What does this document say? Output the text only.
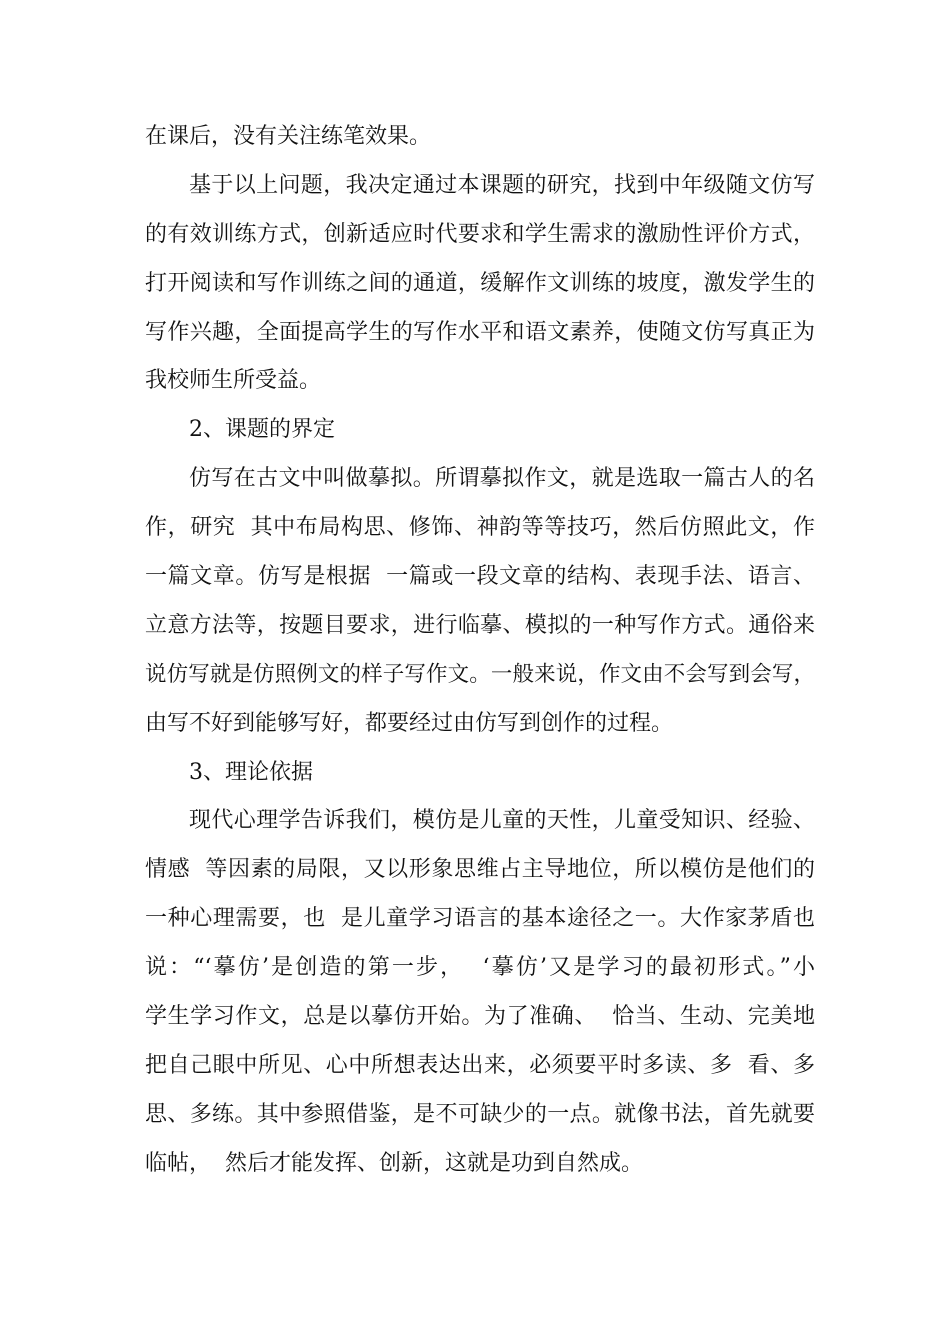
在课后，没有关注练笔效果。
基于以上问题，我决定通过本课题的研究，找到中年级随文仿写
的有效训练方式，创新适应时代要求和学生需求的激励性评价方式，
打开阅读和写作训练之间的通道，缓解作文训练的坡度，激发学生的
写作兴趣，全面提高学生的写作水平和语文素养，使随文仿写真正为
我校师生所受益。
2、课题的界定
仿写在古文中叫做摹拟。所谓摹拟作文，就是选取一篇古人的名
作，研究  其中布局构思、修饰、神韵等等技巧，然后仿照此文，作
一篇文章。仿写是根据  一篇或一段文章的结构、表现手法、语言、
立意方法等，按题目要求，进行临摹、模拟的一种写作方式。通俗来
说仿写就是仿照例文的样子写作文。一般来说，作文由不会写到会写，
由写不好到能够写好，都要经过由仿写到创作的过程。
3、理论依据
现代心理学告诉我们，模仿是儿童的天性，儿童受知识、经验、
情感  等因素的局限，又以形象思维占主导地位，所以模仿是他们的
一种心理需要，也  是儿童学习语言的基本途径之一。大作家茅盾也
说：“‘摹仿’是创造的第一步，  ‘摹仿’又是学习的最初形式。”小
学生学习作文，总是以摹仿开始。为了准确、  恰当、生动、完美地
把自己眼中所见、心中所想表达出来，必须要平时多读、多  看、多
思、多练。其中参照借鉴，是不可缺少的一点。就像书法，首先就要
临帖，  然后才能发挥、创新，这就是功到自然成。
